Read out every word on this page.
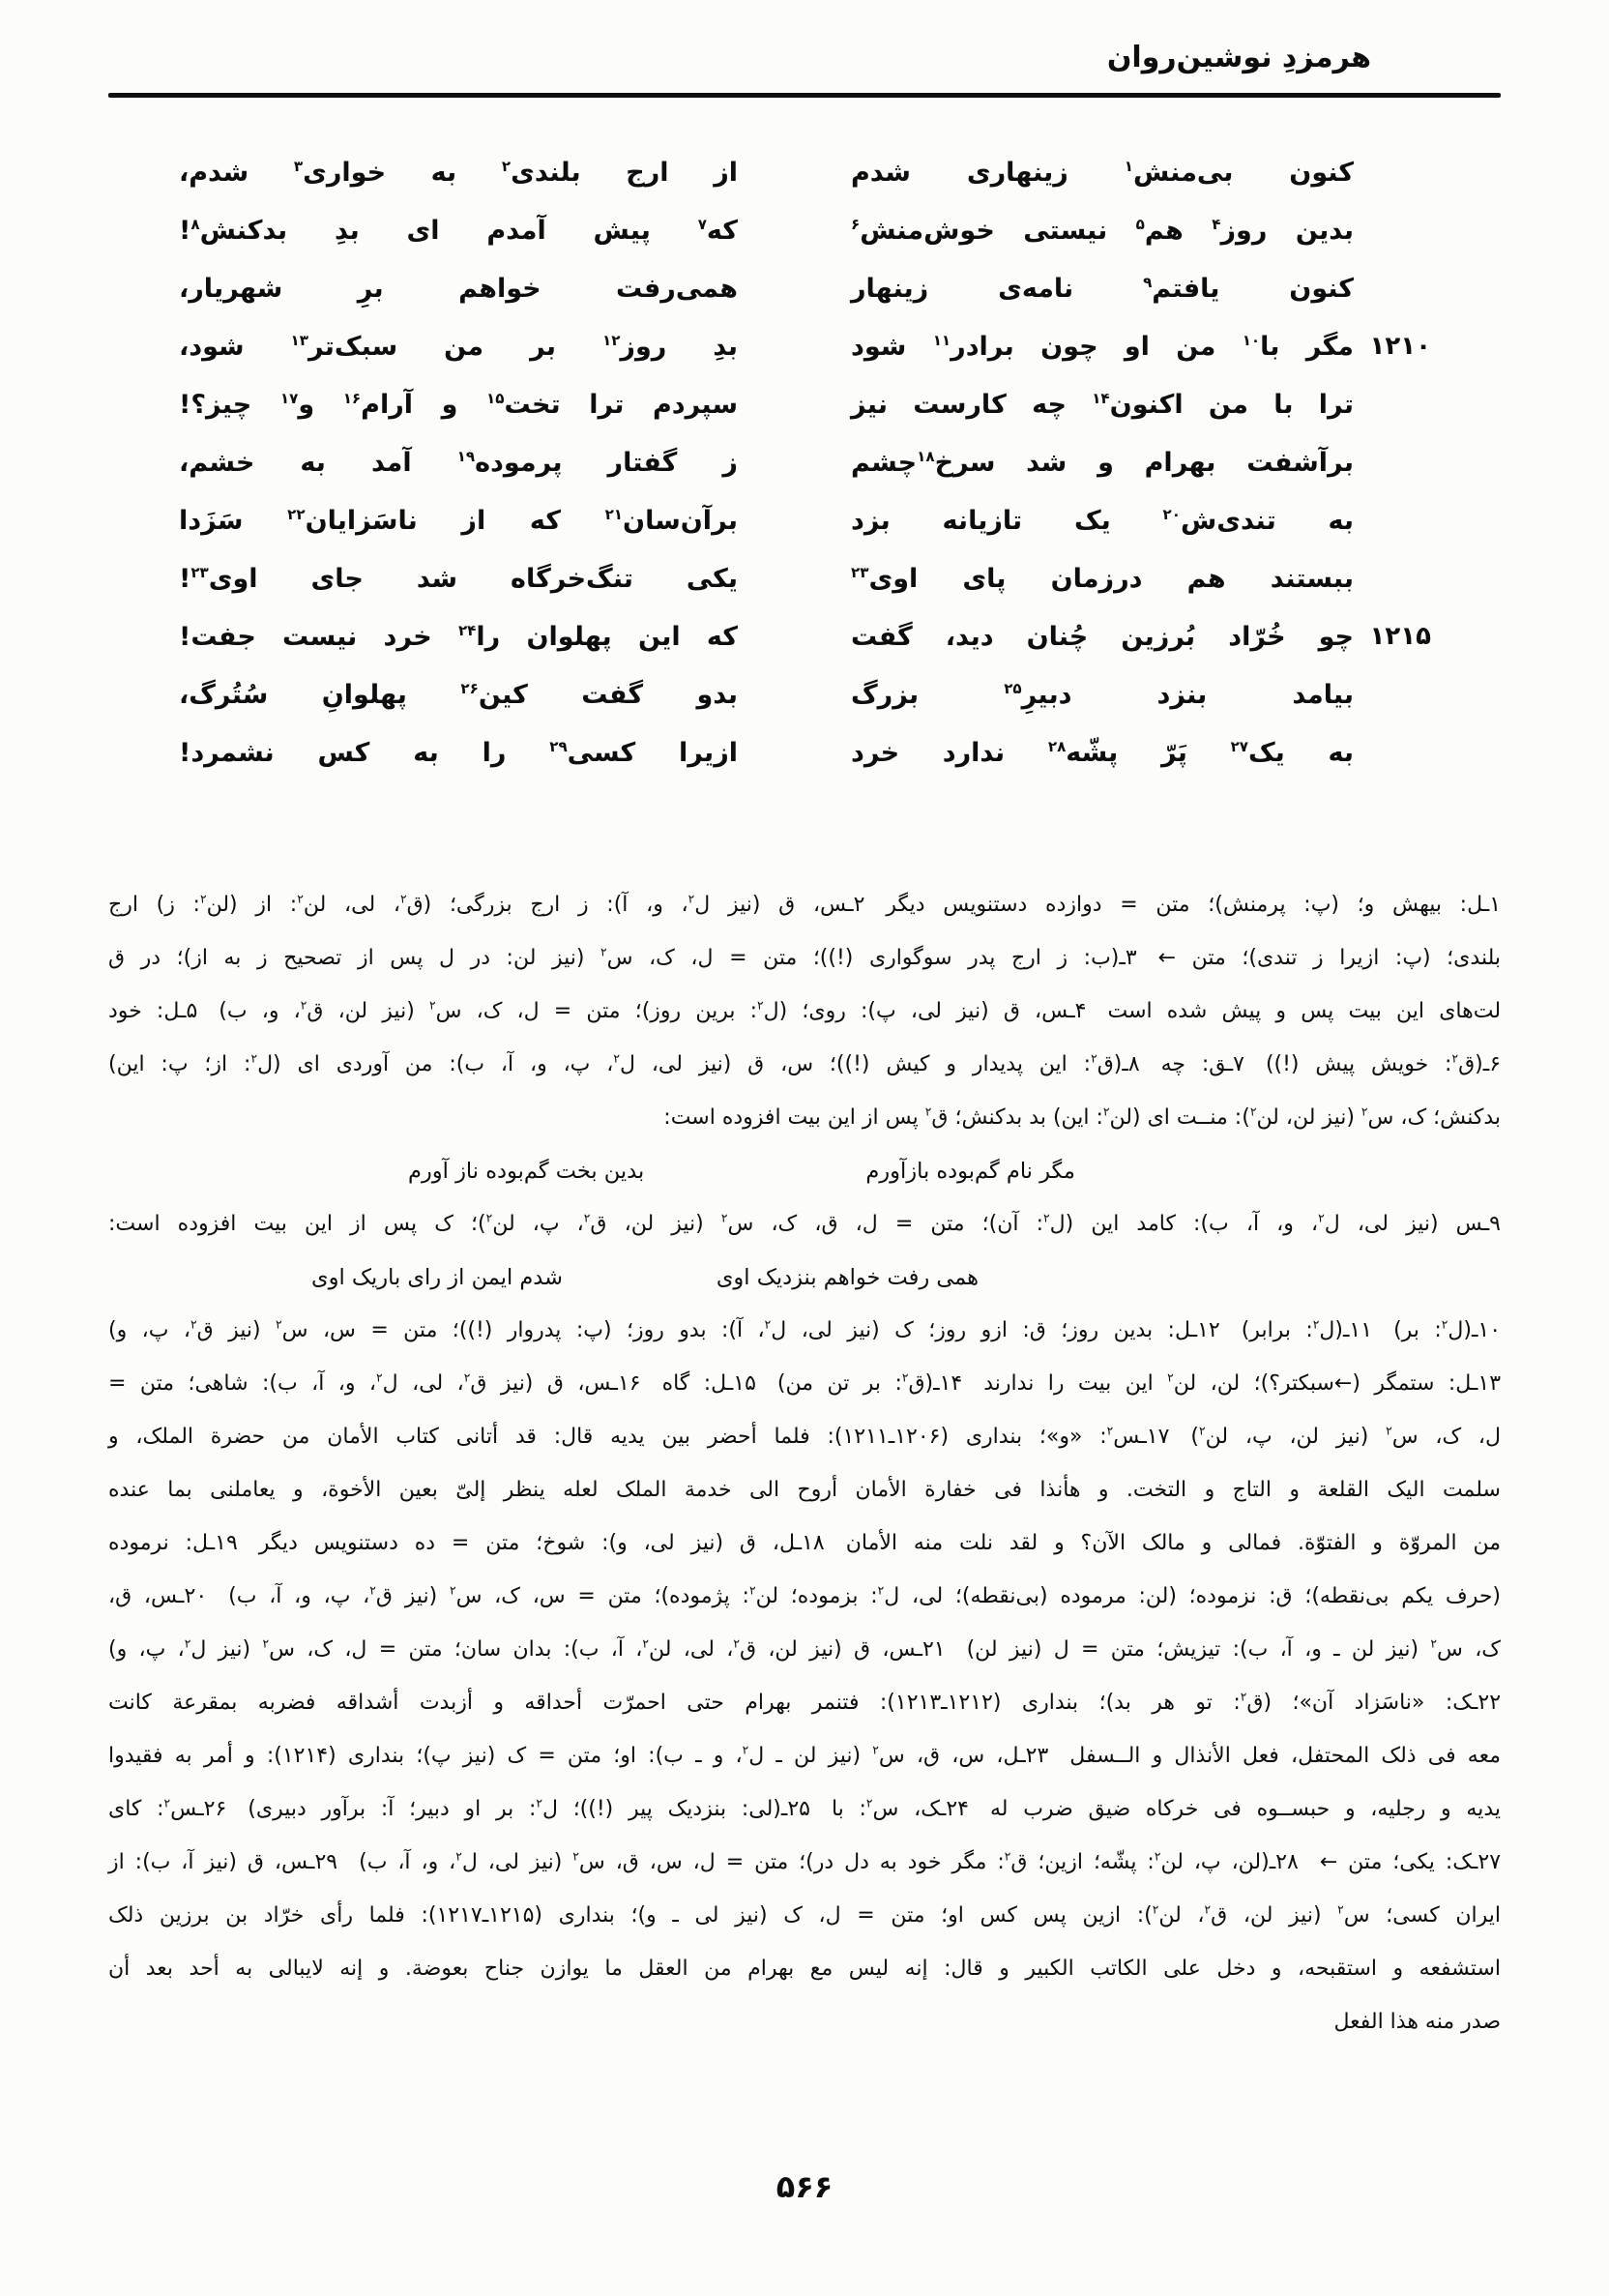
هرمزدِ نوشین‌روان
کنون بی‌منش$^۱$ زینهاری شدم
از ارج بلندی$^۲$ به خواری$^۳$ شدم،
بدین روز$^۴$ هم$^۵$ نیستی خوش‌منش$^۶$
که$^۷$ پیش آمدم ای بدِ بدکنش$^۸$!
کنون یافتم$^۹$ نامه‌ی زینهار
همی‌رفت خواهم برِ شهریار،
۱۲۱۰
مگر با$^{۱۰}$ من او چون برادر$^{۱۱}$ شود
بدِ روز$^{۱۲}$ بر من سبک‌تر$^{۱۳}$ شود،
ترا با من اکنون$^{۱۴}$ چه کارست نیز
سپردم ترا تخت$^{۱۵}$ و آرام$^{۱۶}$ و$^{۱۷}$ چیز؟!
برآشفت بهرام و شد سرخ$^{۱۸}$چشم
ز گفتار پرموده$^{۱۹}$ آمد به خشم،
به تندی‌ش$^{۲۰}$ یک تازیانه بزد
برآن‌سان$^{۲۱}$ که از ناسَزایان$^{۲۲}$ سَزَدا
ببستند هم درزمان پای اوی$^{۲۳}$
یکی تنگ‌خرگاه شد جای اوی$^{۲۳}$!
۱۲۱۵
چو خُرّاد بُرزین چُنان دید، گفت
که این پهلوان را$^{۲۴}$ خرد نیست جفت!
بیامد بنزد دبیرِ$^{۲۵}$ بزرگ
بدو گفت کین$^{۲۶}$ پهلوانِ سُتُرگ،
به یک$^{۲۷}$ پَرّ پشّه$^{۲۸}$ ندارد خرد
ازیرا کسی$^{۲۹}$ را به کس نشمرد!
۱ـل: بیهش و؛ (پ: پرمنش)؛ متن = دوازده دستنویس دیگر  ۲ـس، ق (نیز ل$^۲$، و، آ): ز ارج بزرگی؛ (ق$^۲$، لی، لن$^۲$: از (لن$^۲$: ز) ارج
بلندی؛ (پ: ازیرا ز تندی)؛ متن ←  ۳ـ(ب: ز ارج پدر سوگواری (!))؛ متن = ل، ک، س$^۲$ (نیز لن: در ل پس از تصحیح ز به از)؛ در ق
لت‌های این بیت پس و پیش شده است  ۴ـس، ق (نیز لی، پ): روی؛ (ل$^۲$: برین روز)؛ متن = ل، ک، س$^۲$ (نیز لن، ق$^۲$، و، ب)  ۵ـل: خود
۶ـ(ق$^۲$: خویش پیش (!))  ۷ـق: چه  ۸ـ(ق$^۲$: این پدیدار و کیش (!))؛ س، ق (نیز لی، ل$^۲$، پ، و، آ، ب): من آوردی ای (ل$^۲$: از؛ پ: این)
بدکنش؛ ک، س$^۲$ (نیز لن، لن$^۲$): منــت ای (لن$^۲$: این) بد بدکنش؛ ق$^۲$ پس از این بیت افزوده است:
مگر نام گم‌بوده بازآورم
بدین بخت گم‌بوده ناز آورم
۹ـس (نیز لی، ل$^۲$، و، آ، ب): کامد این (ل$^۲$: آن)؛ متن = ل، ق، ک، س$^۲$ (نیز لن، ق$^۲$، پ، لن$^۲$)؛ ک پس از این بیت افزوده است:
همی رفت خواهم بنزدیک اوی
شدم ایمن از رای باریک اوی
۱۰ـ(ل$^۲$: بر)  ۱۱ـ(ل$^۲$: برابر)  ۱۲ـل: بدین روز؛ ق: ازو روز؛ ک (نیز لی، ل$^۲$، آ): بدو روز؛ (پ: پدروار (!))؛ متن = س، س$^۲$ (نیز ق$^۲$، پ، و)
۱۳ـل: ستمگر (←سبکتر؟)؛ لن، لن$^۲$ این بیت را ندارند  ۱۴ـ(ق$^۲$: بر تن من)  ۱۵ـل: گاه  ۱۶ـس، ق (نیز ق$^۲$، لی، ل$^۲$، و، آ، ب): شاهی؛ متن =
ل، ک، س$^۲$ (نیز لن، پ، لن$^۲$)  ۱۷ـس$^۲$: «و»؛ بنداری (۱۲۰۶ـ۱۲۱۱): فلما أحضر بین یدیه قال: قد أتانی کتاب الأمان من حضرة الملک، و
سلمت الیک القلعة و التاج و التخت. و هأنذا فی خفارة الأمان أروح الی خدمة الملک لعله ینظر إلیّ بعین الأخوة، و یعاملنی بما عنده
من المروّة و الفتوّة. فمالی و مالک الآن؟ و لقد نلت منه الأمان  ۱۸ـل، ق (نیز لی، و): شوخ؛ متن = ده دستنویس دیگر  ۱۹ـل: نرموده
(حرف یکم بی‌نقطه)؛ ق: نزموده؛ (لن: مرموده (بی‌نقطه)؛ لی، ل$^۲$: بزموده؛ لن$^۲$: پژموده)؛ متن = س، ک، س$^۲$ (نیز ق$^۲$، پ، و، آ، ب)  ۲۰ـس، ق،
ک، س$^۲$ (نیز لن ـ و، آ، ب): تیزیش؛ متن = ل (نیز لن)  ۲۱ـس، ق (نیز لن، ق$^۲$، لی، لن$^۲$، آ، ب): بدان سان؛ متن = ل، ک، س$^۲$ (نیز ل$^۲$، پ، و)
۲۲ـک: «ناسَزاد آن»؛ (ق$^۲$: تو هر بد)؛ بنداری (۱۲۱۲ـ۱۲۱۳): فتنمر بهرام حتی احمرّت أحداقه و أزبدت أشداقه فضربه بمقرعة کانت
معه فی ذلک المحتفل، فعل الأنذال و الــسفل  ۲۳ـل، س، ق، س$^۲$ (نیز لن ـ ل$^۲$، و ـ ب): او؛ متن = ک (نیز پ)؛ بنداری (۱۲۱۴): و أمر به فقیدوا
یدیه و رجلیه، و حبســوه فی خرکاه ضیق ضرب له  ۲۴ـک، س$^۲$: با  ۲۵ـ(لی: بنزدیک پیر (!))؛ ل$^۲$: بر او دبیر؛ آ: برآور دبیری)  ۲۶ـس$^۲$: کای
۲۷ـک: یکی؛ متن ←  ۲۸ـ(لن، پ، لن$^۲$: پشّه؛ ازین؛ ق$^۲$: مگر خود به دل در)؛ متن = ل، س، ق، س$^۲$ (نیز لی، ل$^۲$، و، آ، ب)  ۲۹ـس، ق (نیز آ، ب): از
ایران کسی؛ س$^۲$ (نیز لن، ق$^۲$، لن$^۲$): ازین پس کس او؛ متن = ل، ک (نیز لی ـ و)؛ بنداری (۱۲۱۵ـ۱۲۱۷): فلما رأی خرّاد بن برزین ذلک
استشفعه و استقبحه، و دخل علی الکاتب الکبیر و قال: إنه لیس مع بهرام من العقل ما یوازن جناح بعوضة. و إنه لایبالی به أحد بعد أن
صدر منه هذا الفعل
۵۶۶
